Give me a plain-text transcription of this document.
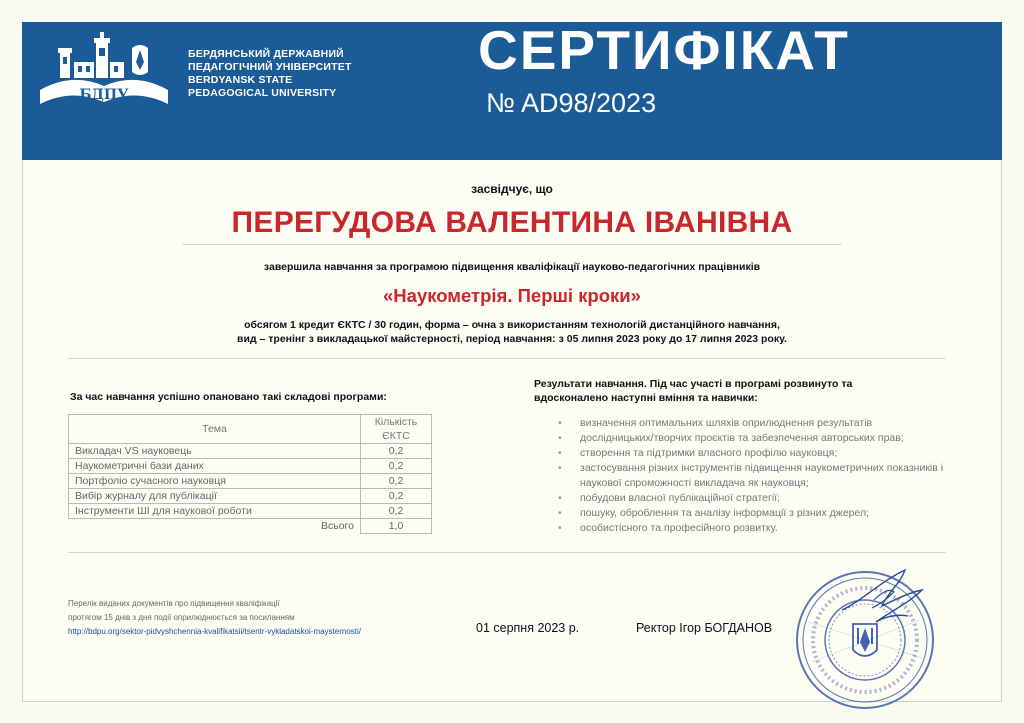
БДПУ
БЕРДЯНСЬКИЙ ДЕРЖАВНИЙ
ПЕДАГОГІЧНИЙ УНІВЕРСИТЕТ
BERDYANSK STATE
PEDAGOGICAL UNIVERSITY
СЕРТИФІКАТ
№ AD98/2023
засвідчує, що
ПЕРЕГУДОВА ВАЛЕНТИНА ІВАНІВНА
завершила навчання за програмою підвищення кваліфікації науково-педагогічних працівників
«Наукометрія. Перші кроки»
обсягом 1 кредит ЄКТС / 30 годин, форма – очна з використанням технологій дистанційного навчання,
вид – тренінг з викладацької майстерності, період навчання: з 05 липня 2023 року до 17 липня 2023 року.
За час навчання успішно опановано такі складові програми:
Тема	Кількість
ЄКТС

Викладач VS науковець	0,2
Наукометричні бази даних	0,2
Портфоліо сучасного науковця	0,2
Вибір журналу для публікації	0,2
Інструменти ШІ для наукової роботи	0,2
Всього	1,0
Результати навчання. Під час участі в програмі розвинуто та
вдосконалено наступні вміння та навички:
• визначення оптимальних шляхів оприлюднення результатів
• дослідницьких/творчих проєктів та забезпечення авторських прав;
• створення та підтримки власного профілю науковця;
• застосування різних інструментів підвищення наукометричних показників і наукової спроможності викладача як науковця;
• побудови власної публікаційної стратегії;
• пошуку, оброблення та аналізу інформації з різних джерел;
• особистісного та професійного розвитку.
Перелік виданих документів про підвищення кваліфікації
протягом 15 днів з дня події оприлюднюється за посиланням
http://bdpu.org/sektor-pidvyshchennia-kvalifikatsii/tsentr-vykladatskoi-maysternosti/	01 серпня 2023 р.	Ректор Ігор БОГДАНОВ
